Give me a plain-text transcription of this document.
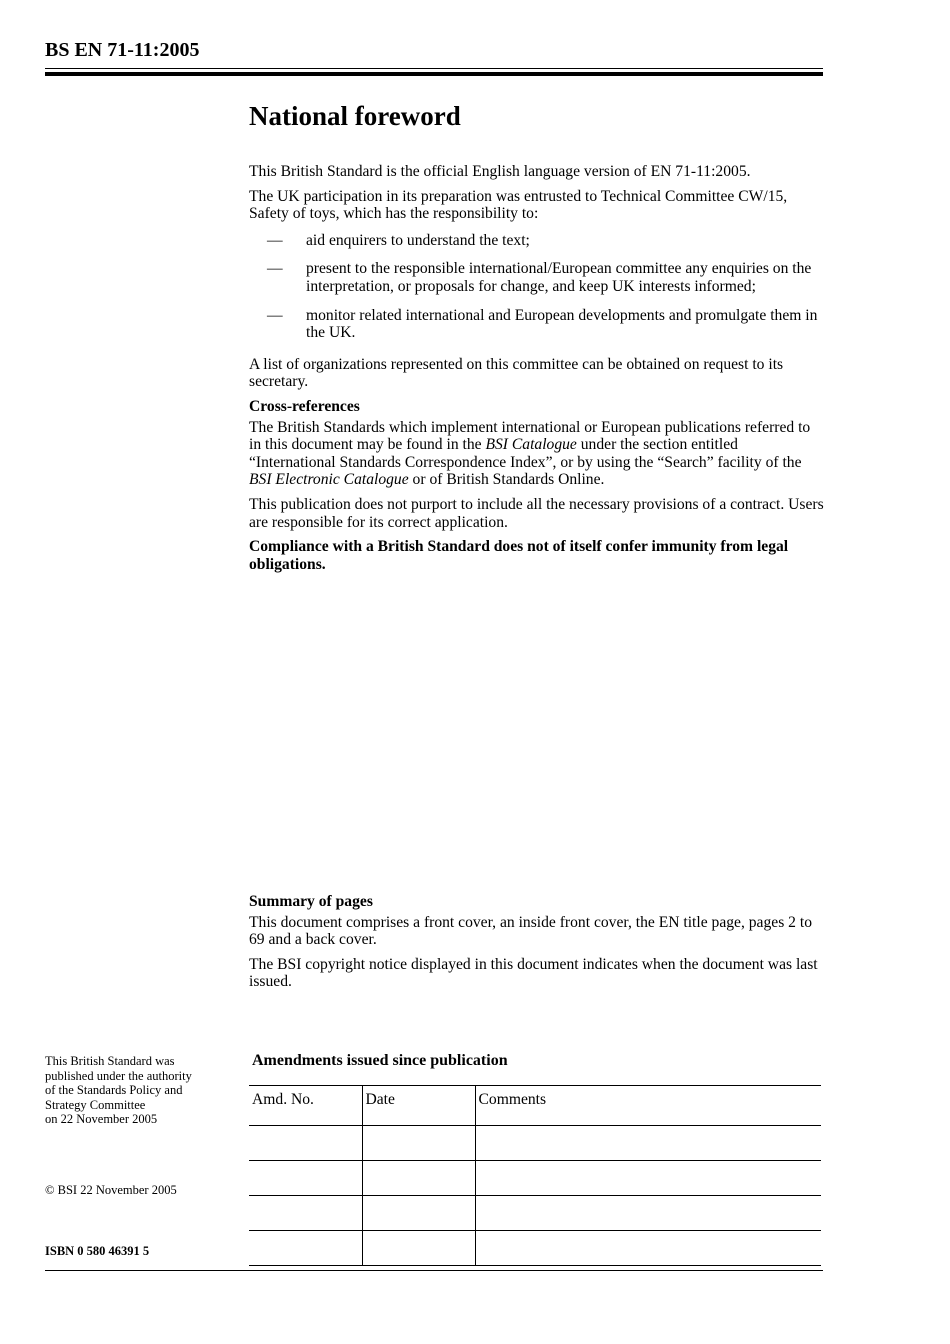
BS EN 71-11:2005
National foreword

This British Standard is the official English language version of EN 71-11:2005.

The UK participation in its preparation was entrusted to Technical Committee CW/15, Safety of toys, which has the responsibility to:

— aid enquirers to understand the text;
— present to the responsible international/European committee any enquiries on the interpretation, or proposals for change, and keep UK interests informed;
— monitor related international and European developments and promulgate them in the UK.

A list of organizations represented on this committee can be obtained on request to its secretary.

Cross-references

The British Standards which implement international or European publications referred to in this document may be found in the BSI Catalogue under the section entitled “International Standards Correspondence Index”, or by using the “Search” facility of the BSI Electronic Catalogue or of British Standards Online.

This publication does not purport to include all the necessary provisions of a contract. Users are responsible for its correct application.

Compliance with a British Standard does not of itself confer immunity from legal obligations.

Summary of pages

This document comprises a front cover, an inside front cover, the EN title page, pages 2 to 69 and a back cover.

The BSI copyright notice displayed in this document indicates when the document was last issued.

This British Standard was
published under the authority
of the Standards Policy and
Strategy Committee
on 22 November 2005
© BSI 22 November 2005
ISBN 0 580 46391 5
Amendments issued since publication
Amd. No.	Date	Comments
